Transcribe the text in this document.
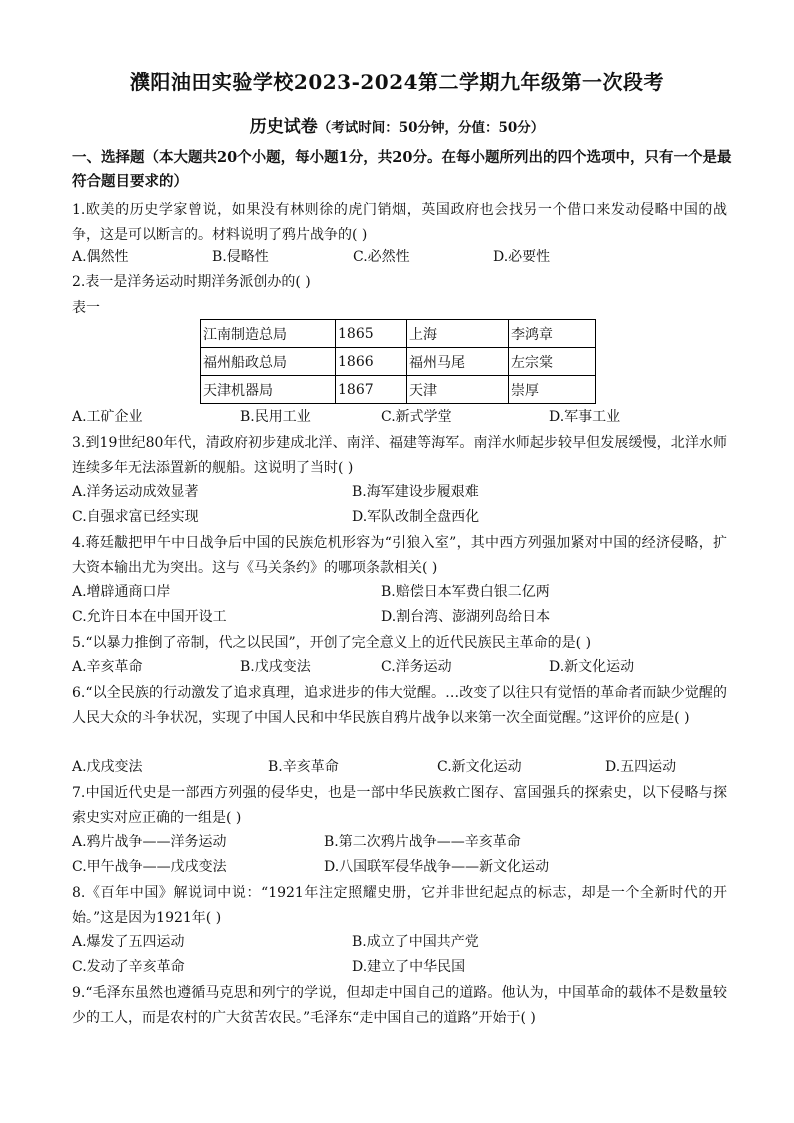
濮阳油田实验学校2023-2024第二学期九年级第一次段考
历史试卷（考试时间：50分钟，分值：50分）
一、选择题（本大题共20个小题，每小题1分，共20分。在每小题所列出的四个选项中，只有一个是最符合题目要求的）
1.欧美的历史学家曾说，如果没有林则徐的虎门销烟，英国政府也会找另一个借口来发动侵略中国的战争，这是可以断言的。材料说明了鸦片战争的( )
A.偶然性	B.侵略性	C.必然性	D.必要性
2.表一是洋务运动时期洋务派创办的( )
表一
江南制造总局	1865	上海	李鸿章
福州船政总局	1866	福州马尾	左宗棠
天津机器局	1867	天津	崇厚
A.工矿企业	B.民用工业	C.新式学堂	D.军事工业
3.到19世纪80年代，清政府初步建成北洋、南洋、福建等海军。南洋水师起步较早但发展缓慢，北洋水师连续多年无法添置新的舰船。这说明了当时( )
A.洋务运动成效显著	B.海军建设步履艰难
C.自强求富已经实现	D.军队改制全盘西化
4.蒋廷黻把甲午中日战争后中国的民族危机形容为“引狼入室”，其中西方列强加紧对中国的经济侵略，扩大资本输出尤为突出。这与《马关条约》的哪项条款相关( )
A.增辟通商口岸	B.赔偿日本军费白银二亿两
C.允许日本在中国开设工	D.割台湾、澎湖列岛给日本
5.“以暴力推倒了帝制，代之以民国”，开创了完全意义上的近代民族民主革命的是( )
A.辛亥革命	B.戊戌变法	C.洋务运动	D.新文化运动
6.“以全民族的行动激发了追求真理，追求进步的伟大觉醒。…改变了以往只有觉悟的革命者而缺少觉醒的人民大众的斗争状况，实现了中国人民和中华民族自鸦片战争以来第一次全面觉醒。”这评价的应是( )
A.戊戌变法	B.辛亥革命	C.新文化运动	D.五四运动
7.中国近代史是一部西方列强的侵华史，也是一部中华民族救亡图存、富国强兵的探索史，以下侵略与探索史实对应正确的一组是( )
A.鸦片战争——洋务运动	B.第二次鸦片战争——辛亥革命
C.甲午战争——戊戌变法	D.八国联军侵华战争——新文化运动
8.《百年中国》解说词中说：“1921年注定照耀史册，它并非世纪起点的标志，却是一个全新时代的开始。”这是因为1921年( )
A.爆发了五四运动	B.成立了中国共产党
C.发动了辛亥革命	D.建立了中华民国
9.“毛泽东虽然也遵循马克思和列宁的学说，但却走中国自己的道路。他认为，中国革命的载体不是数量较少的工人，而是农村的广大贫苦农民。”毛泽东“走中国自己的道路”开始于( )
